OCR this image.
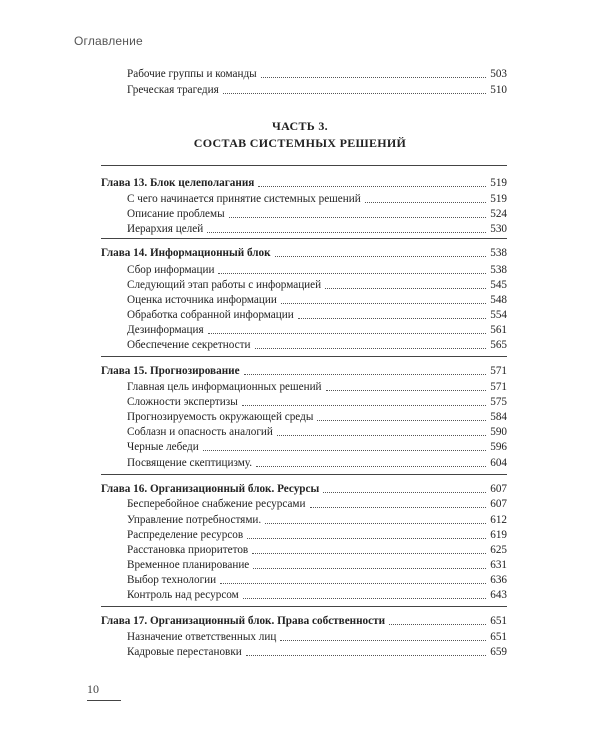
Оглавление
Рабочие группы и команды	503
Греческая трагедия	510
Глава 13. Блок целеполагания	519
С чего начинается принятие системных решений	519
Описание проблемы	524
Иерархия целей	530
Глава 14. Информационный блок	538
Сбор информации	538
Следующий этап работы с информацией	545
Оценка источника информации	548
Обработка собранной информации	554
Дезинформация	561
Обеспечение секретности	565
Глава 15. Прогнозирование	571
Главная цель информационных решений	571
Сложности экспертизы	575
Прогнозируемость окружающей среды	584
Соблазн и опасность аналогий	590
Черные лебеди	596
Посвящение скептицизму.	604
Глава 16. Организационный блок. Ресурсы	607
Бесперебойное снабжение ресурсами	607
Управление потребностями.	612
Распределение ресурсов	619
Расстановка приоритетов	625
Временное планирование	631
Выбор технологии	636
Контроль над ресурсом	643
Глава 17. Организационный блок. Права собственности	651
Назначение ответственных лиц	651
Кадровые перестановки	659
ЧАСТЬ 3.
СОСТАВ СИСТЕМНЫХ РЕШЕНИЙ
10
